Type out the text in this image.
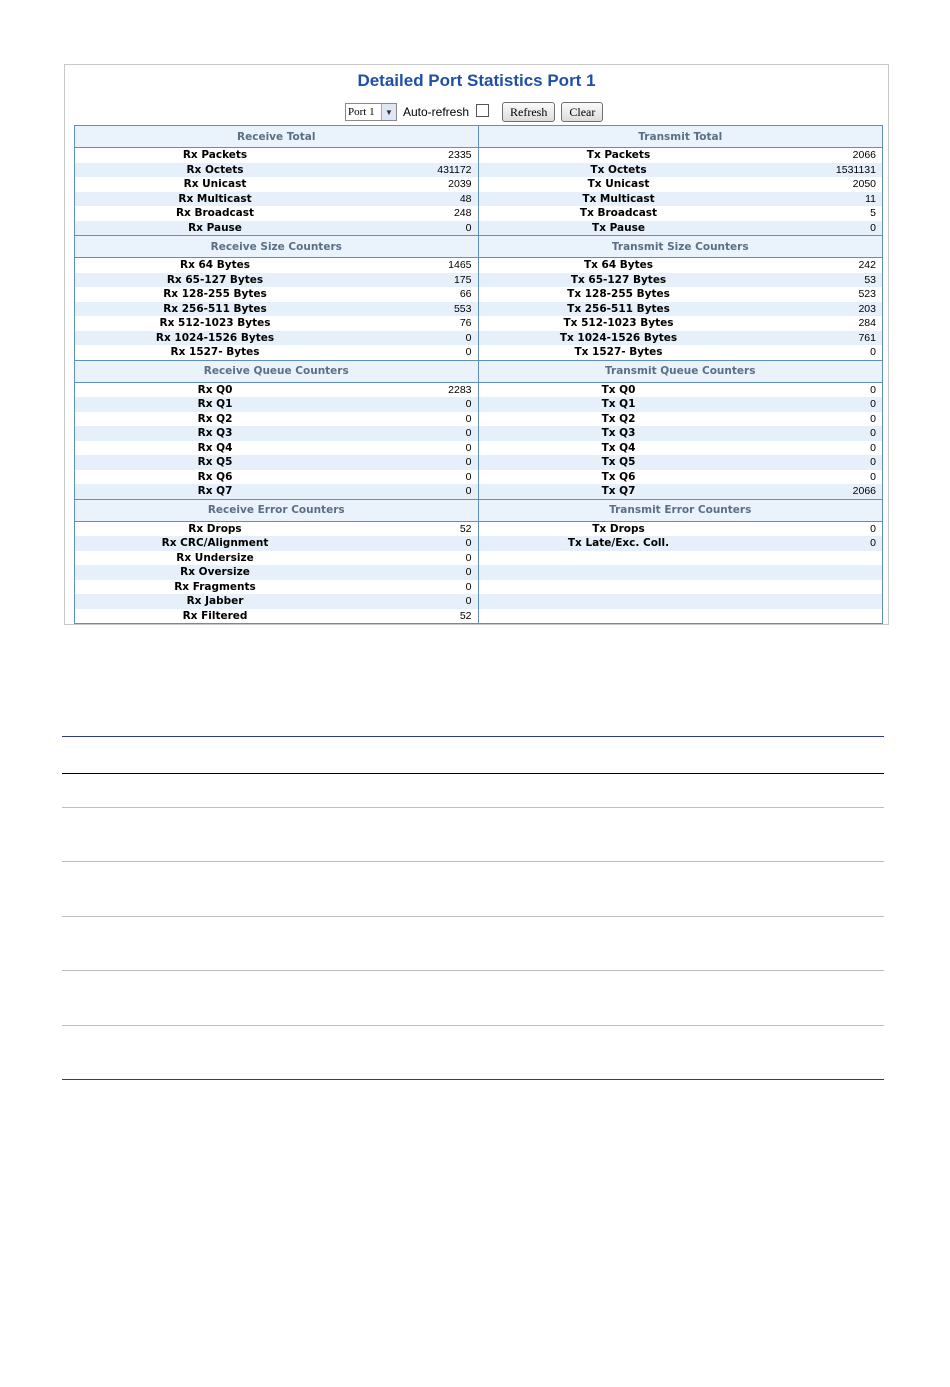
Detailed Port Statistics Port 1
Port 1	▼ Auto-refresh	Refresh	Clear
Receive Total
Rx Packets	2335
Rx Octets	431172
Rx Unicast	2039
Rx Multicast	48
Rx Broadcast	248
Rx Pause	0
Transmit Total
Tx Packets	2066
Tx Octets	1531131
Tx Unicast	2050
Tx Multicast	11
Tx Broadcast	5
Tx Pause	0
Receive Size Counters
Rx 64 Bytes	1465
Rx 65-127 Bytes	175
Rx 128-255 Bytes	66
Rx 256-511 Bytes	553
Rx 512-1023 Bytes	76
Rx 1024-1526 Bytes	0
Rx 1527- Bytes	0
Transmit Size Counters
Tx 64 Bytes	242
Tx 65-127 Bytes	53
Tx 128-255 Bytes	523
Tx 256-511 Bytes	203
Tx 512-1023 Bytes	284
Tx 1024-1526 Bytes	761
Tx 1527- Bytes	0
Receive Queue Counters
Rx Q0	2283
Rx Q1	0
Rx Q2	0
Rx Q3	0
Rx Q4	0
Rx Q5	0
Rx Q6	0
Rx Q7	0
Transmit Queue Counters
Tx Q0	0
Tx Q1	0
Tx Q2	0
Tx Q3	0
Tx Q4	0
Tx Q5	0
Tx Q6	0
Tx Q7	2066
Receive Error Counters
Rx Drops	52
Rx CRC/Alignment	0
Rx Undersize	0
Rx Oversize	0
Rx Fragments	0
Rx Jabber	0
Rx Filtered	52
Transmit Error Counters
Tx Drops	0
Tx Late/Exc. Coll.	0
